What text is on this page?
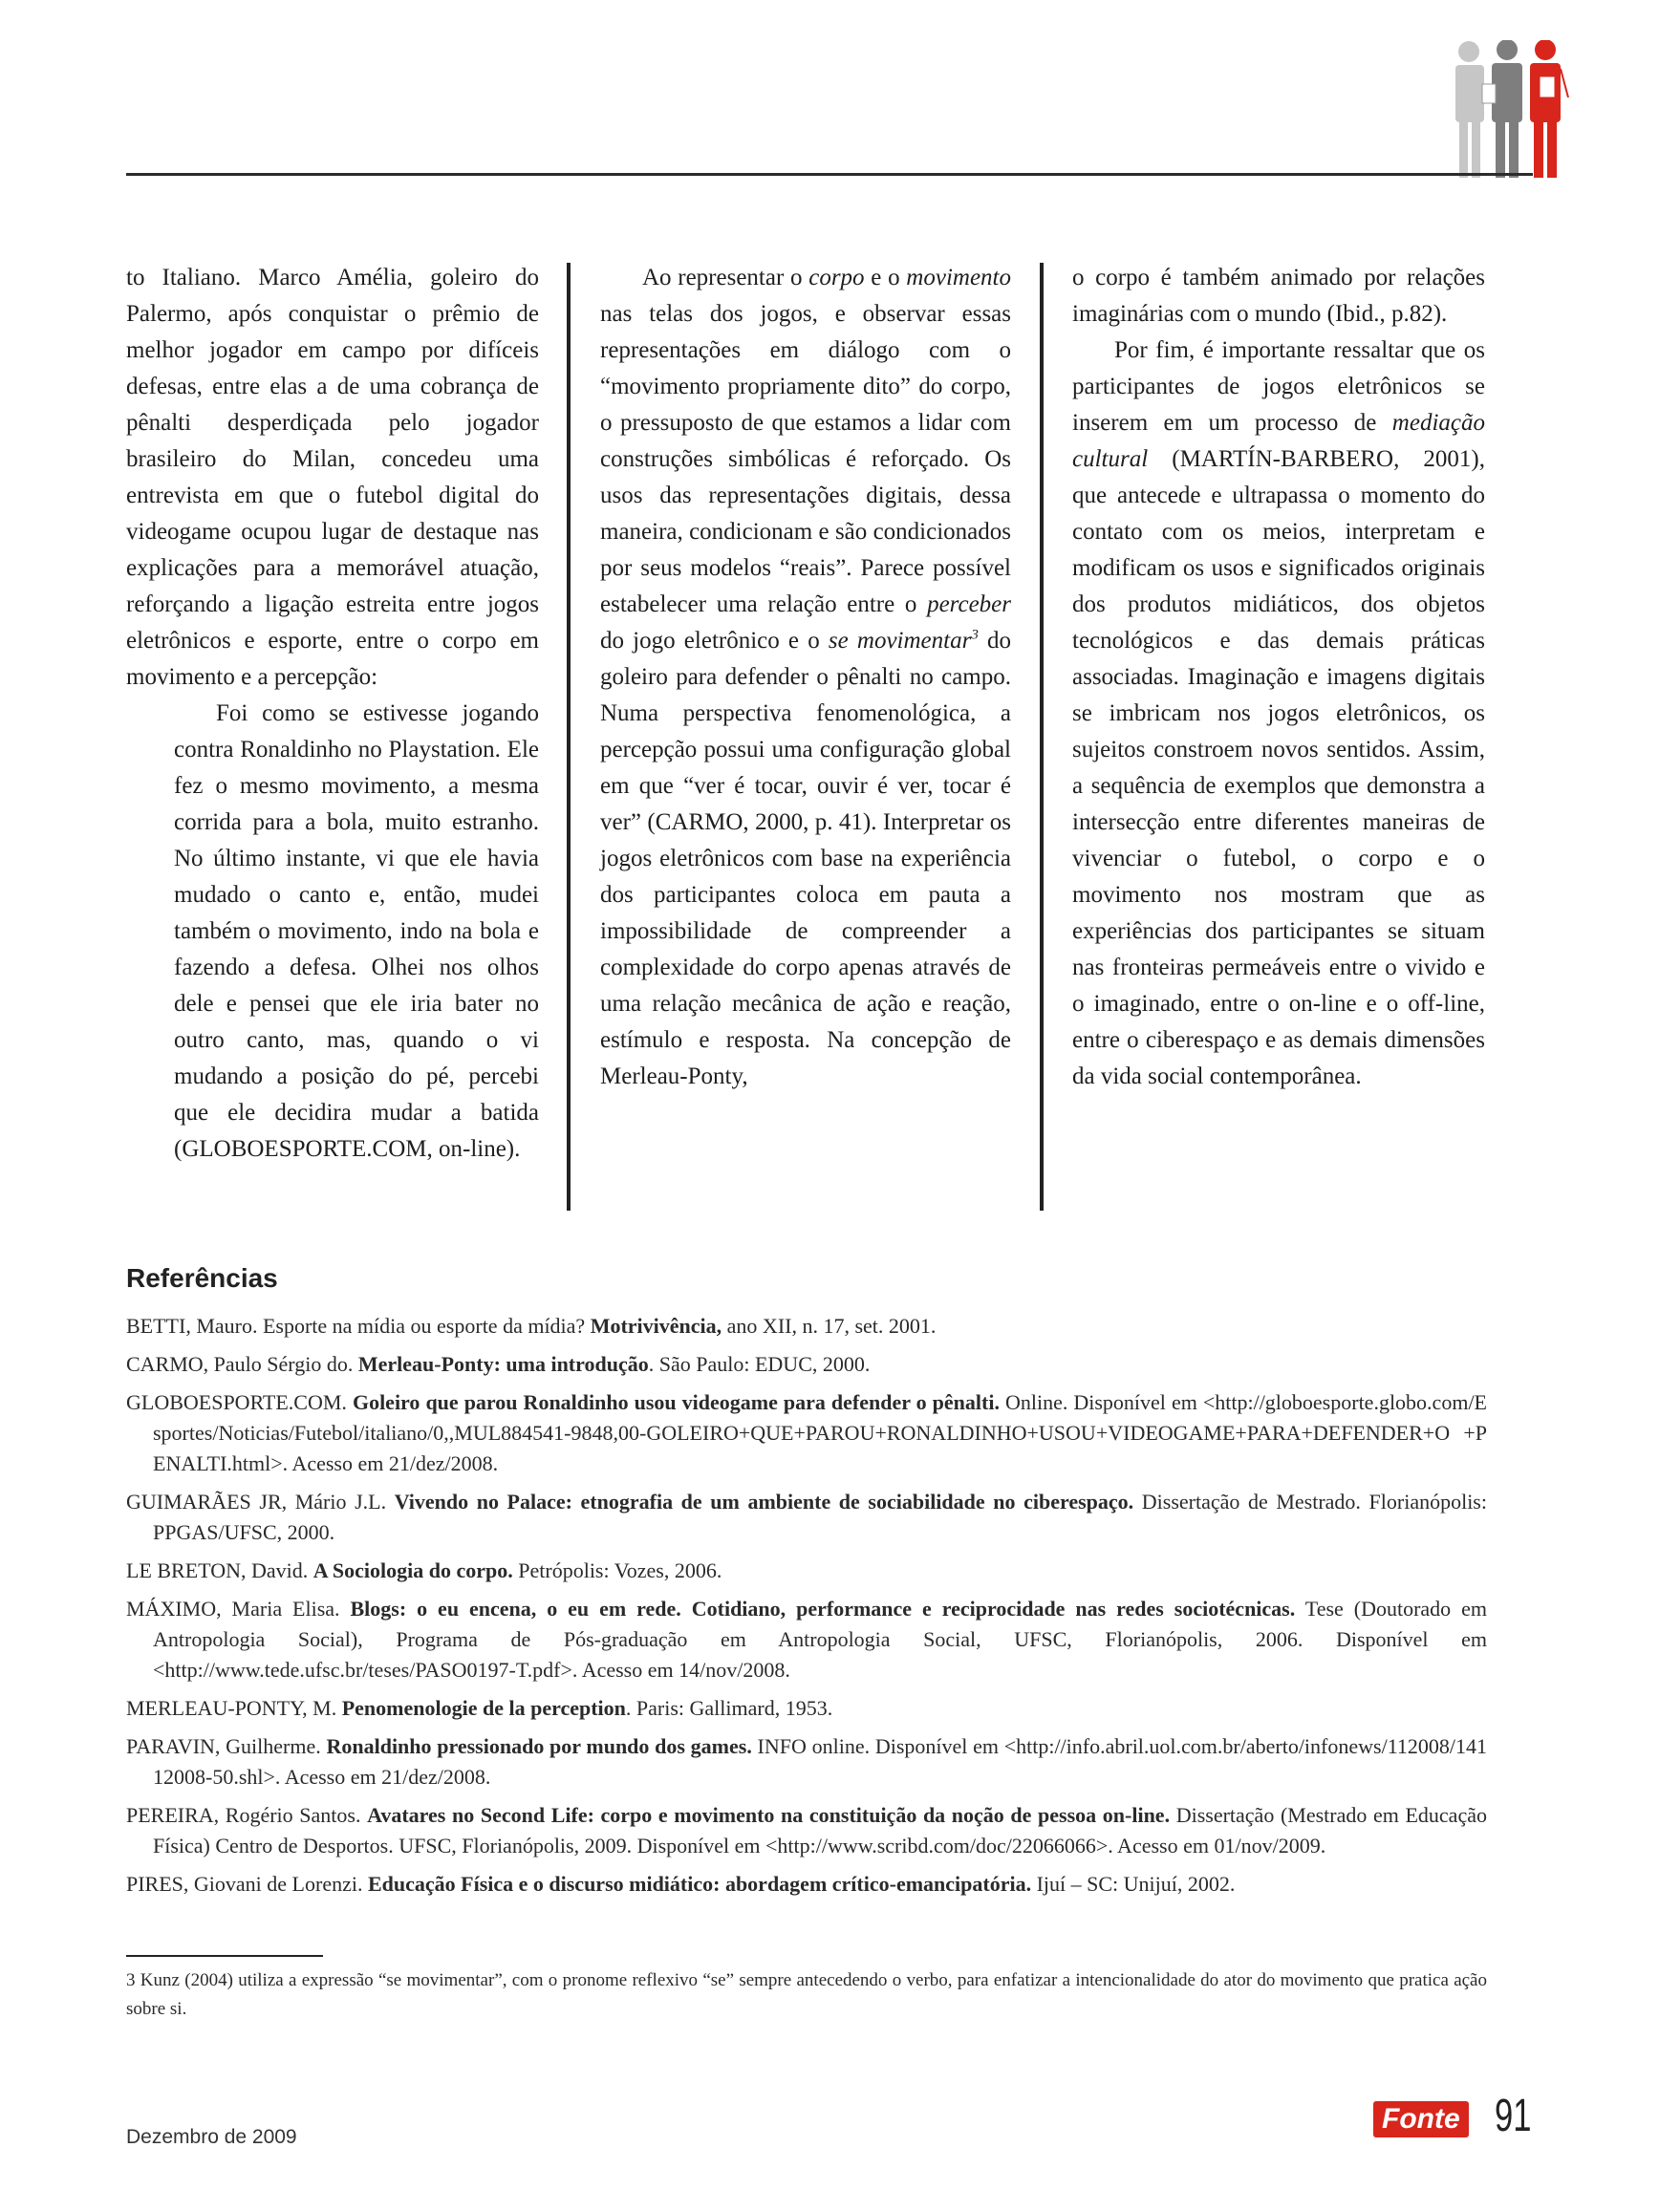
to Italiano. Marco Amélia, goleiro do Palermo, após conquistar o prêmio de melhor jogador em campo por difíceis defesas, entre elas a de uma cobrança de pênalti desperdiçada pelo jogador brasileiro do Milan, concedeu uma entrevista em que o futebol digital do videogame ocupou lugar de destaque nas explicações para a memorável atuação, reforçando a ligação estreita entre jogos eletrônicos e esporte, entre o corpo em movimento e a percepção:

Foi como se estivesse jogando contra Ronaldinho no Playstation. Ele fez o mesmo movimento, a mesma corrida para a bola, muito estranho. No último instante, vi que ele havia mudado o canto e, então, mudei também o movimento, indo na bola e fazendo a defesa. Olhei nos olhos dele e pensei que ele iria bater no outro canto, mas, quando o vi mudando a posição do pé, percebi que ele decidira mudar a batida (GLOBOESPORTE.COM, on-line).

Ao representar o corpo e o movimento nas telas dos jogos, e observar essas representações em diálogo com o “movimento propriamente dito” do corpo, o pressuposto de que estamos a lidar com construções simbólicas é reforçado. Os usos das representações digitais, dessa maneira, condicionam e são condicionados por seus modelos “reais”. Parece possível estabelecer uma relação entre o perceber do jogo eletrônico e o se movimentar$^3$ do goleiro para defender o pênalti no campo. Numa perspectiva fenomenológica, a percepção possui uma configuração global em que “ver é tocar, ouvir é ver, tocar é ver” (CARMO, 2000, p. 41). Interpretar os jogos eletrônicos com base na experiência dos participantes coloca em pauta a impossibilidade de compreender a complexidade do corpo apenas através de uma relação mecânica de ação e reação, estímulo e resposta. Na concepção de Merleau-Ponty,

o corpo é também animado por relações imaginárias com o mundo (Ibid., p.82).

Por fim, é importante ressaltar que os participantes de jogos eletrônicos se inserem em um processo de mediação cultural (MARTÍN-BARBERO, 2001), que antecede e ultrapassa o momento do contato com os meios, interpretam e modificam os usos e significados originais dos produtos midiáticos, dos objetos tecnológicos e das demais práticas associadas. Imaginação e imagens digitais se imbricam nos jogos eletrônicos, os sujeitos constroem novos sentidos. Assim, a sequência de exemplos que demonstra a intersecção entre diferentes maneiras de vivenciar o futebol, o corpo e o movimento nos mostram que as experiências dos participantes se situam nas fronteiras permeáveis entre o vivido e o imaginado, entre o on-line e o off-line, entre o ciberespaço e as demais dimensões da vida social contemporânea.

Referências

BETTI, Mauro. Esporte na mídia ou esporte da mídia? Motrivivência, ano XII, n. 17, set. 2001.

CARMO, Paulo Sérgio do. Merleau-Ponty: uma introdução. São Paulo: EDUC, 2000.

GLOBOESPORTE.COM. Goleiro que parou Ronaldinho usou videogame para defender o pênalti. Online. Disponível em <http://globoesporte.globo.com/Esportes/Noticias/Futebol/italiano/0,,MUL884541-9848,00-GOLEIRO+QUE+PAROU+RONALDINHO+USOU+VIDEOGAME+PARA+DEFENDER+O +PENALTI.html>. Acesso em 21/dez/2008.

GUIMARÃES JR, Mário J.L. Vivendo no Palace: etnografia de um ambiente de sociabilidade no ciberespaço. Dissertação de Mestrado. Florianópolis: PPGAS/UFSC, 2000.

LE BRETON, David. A Sociologia do corpo. Petrópolis: Vozes, 2006.

MÁXIMO, Maria Elisa. Blogs: o eu encena, o eu em rede. Cotidiano, performance e reciprocidade nas redes sociotécnicas. Tese (Doutorado em Antropologia Social), Programa de Pós-graduação em Antropologia Social, UFSC, Florianópolis, 2006. Disponível em <http://www.tede.ufsc.br/teses/PASO0197-T.pdf>. Acesso em 14/nov/2008.

MERLEAU-PONTY, M. Penomenologie de la perception. Paris: Gallimard, 1953.

PARAVIN, Guilherme. Ronaldinho pressionado por mundo dos games. INFO online. Disponível em <http://info.abril.uol.com.br/aberto/infonews/112008/14112008-50.shl>. Acesso em 21/dez/2008.

PEREIRA, Rogério Santos. Avatares no Second Life: corpo e movimento na constituição da noção de pessoa on-line. Dissertação (Mestrado em Educação Física) Centro de Desportos. UFSC, Florianópolis, 2009. Disponível em <http://www.scribd.com/doc/22066066>. Acesso em 01/nov/2009.

PIRES, Giovani de Lorenzi. Educação Física e o discurso midiático: abordagem crítico-emancipatória. Ijuí – SC: Unijuí, 2002.

3 Kunz (2004) utiliza a expressão “se movimentar”, com o pronome reflexivo “se” sempre antecedendo o verbo, para enfatizar a intencionalidade do ator do movimento que pratica ação sobre si.

Dezembro de 2009
Fonte 91
